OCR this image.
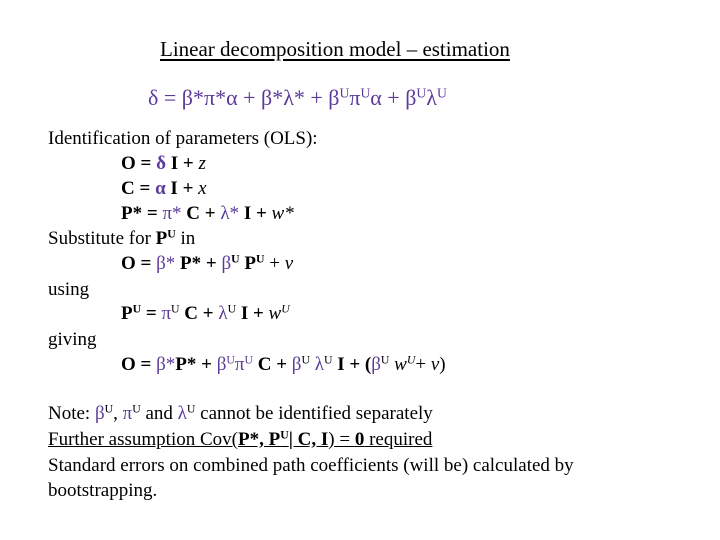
Linear decomposition model – estimation
$\delta = \beta*\pi*\alpha + \beta*\lambda* + \beta^U\pi^U\alpha + \beta^U\lambda^U$
Identification of parameters (OLS):
O = δ I + z
C = α I + x
P* = π* C + λ* I + w*
Substitute for $P^U$ in
O = β* $P* + \beta^U$ $P^U + v$
using
$P^U = \pi^U$ $C + \lambda^U$ $I + w^U$
giving
$O = \beta*P* + \beta^U\pi^U$ $C + \beta^U$ $\lambda^U$ $I + (\beta^U$ $w^U+ v$)
Note: $\beta^U$, $\pi^U$ and $\lambda^U$ cannot be identified separately
Further assumption Cov(P*, $P^U|$ C, I) = 0 required
Standard errors on combined path coefficients (will be) calculated by
bootstrapping.
